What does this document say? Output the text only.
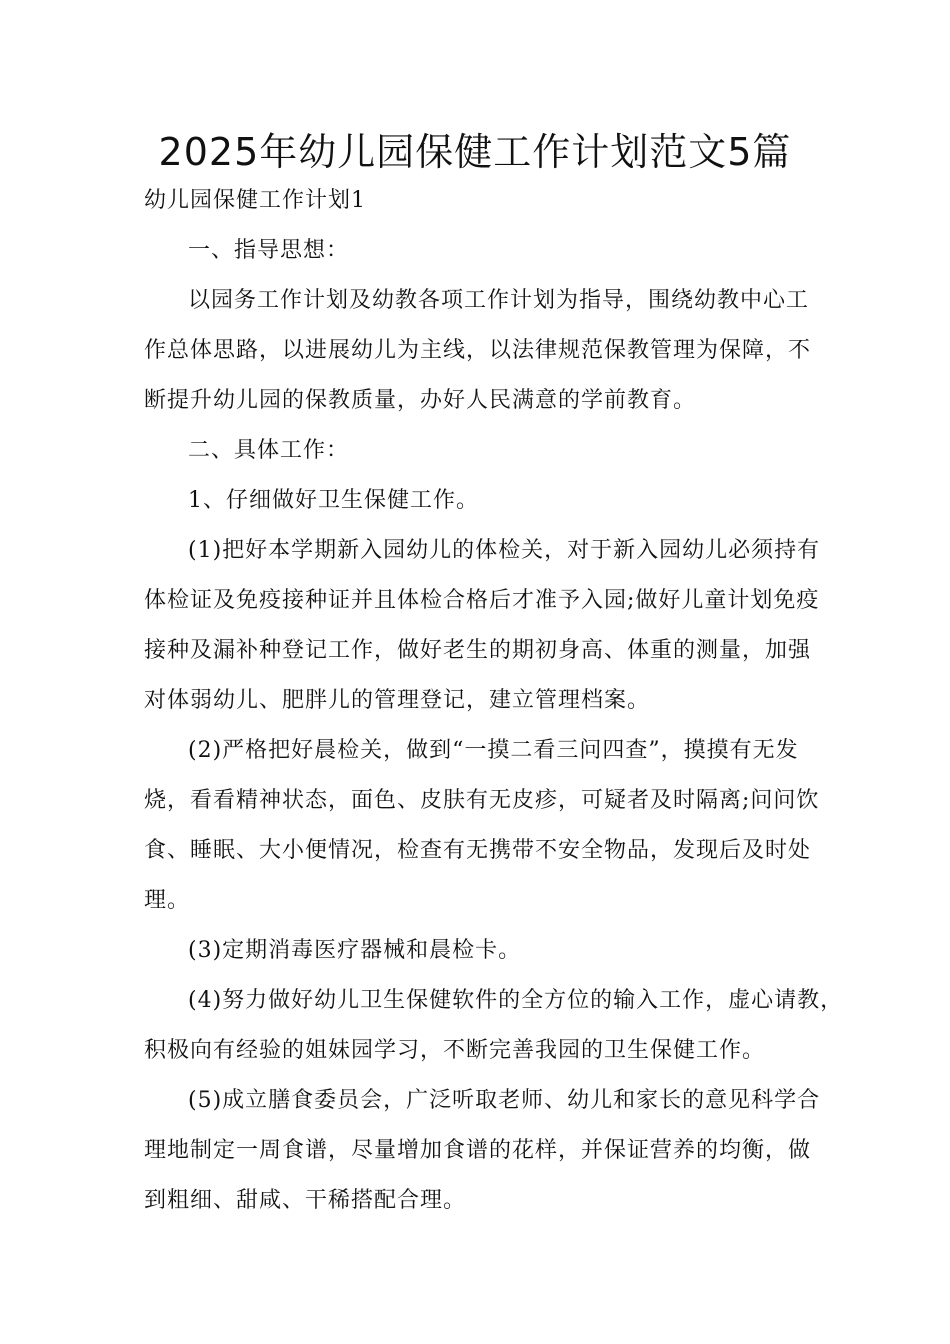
2025年幼儿园保健工作计划范文5篇
幼儿园保健工作计划1
一、指导思想：
以园务工作计划及幼教各项工作计划为指导，围绕幼教中心工
作总体思路，以进展幼儿为主线，以法律规范保教管理为保障，不
断提升幼儿园的保教质量，办好人民满意的学前教育。
二、具体工作：
1、仔细做好卫生保健工作。
(1)把好本学期新入园幼儿的体检关，对于新入园幼儿必须持有
体检证及免疫接种证并且体检合格后才准予入园;做好儿童计划免疫
接种及漏补种登记工作，做好老生的期初身高、体重的测量，加强
对体弱幼儿、肥胖儿的管理登记，建立管理档案。
(2)严格把好晨检关，做到“一摸二看三问四查”，摸摸有无发
烧，看看精神状态，面色、皮肤有无皮疹，可疑者及时隔离;问问饮
食、睡眠、大小便情况，检查有无携带不安全物品，发现后及时处
理。
(3)定期消毒医疗器械和晨检卡。
(4)努力做好幼儿卫生保健软件的全方位的输入工作，虚心请教，
积极向有经验的姐妹园学习，不断完善我园的卫生保健工作。
(5)成立膳食委员会，广泛听取老师、幼儿和家长的意见科学合
理地制定一周食谱，尽量增加食谱的花样，并保证营养的均衡，做
到粗细、甜咸、干稀搭配合理。
